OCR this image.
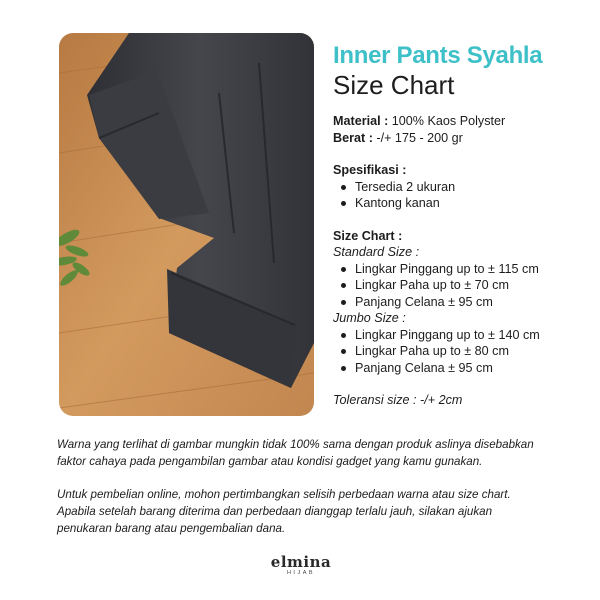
Inner Pants Syahla
Size Chart
Material : 100% Kaos Polyster
Berat : -/+ 175 - 200 gr
Spesifikasi :
Tersedia 2 ukuran
Kantong kanan
Size Chart :
Standard Size :
Lingkar Pinggang up to ± 115 cm
Lingkar Paha up to ± 70 cm
Panjang Celana ± 95 cm
Jumbo Size :
Lingkar Pinggang up to ± 140 cm
Lingkar Paha up to ± 80 cm
Panjang Celana ± 95 cm
Toleransi size : -/+ 2cm
Warna yang terlihat di gambar mungkin tidak 100% sama dengan produk aslinya disebabkan faktor cahaya pada pengambilan gambar atau kondisi gadget yang kamu gunakan.
Untuk pembelian online, mohon pertimbangkan selisih perbedaan warna atau size chart. Apabila setelah barang diterima dan perbedaan dianggap terlalu jauh, silakan ajukan penukaran barang atau pengembalian dana.
elmina
HIJAB
